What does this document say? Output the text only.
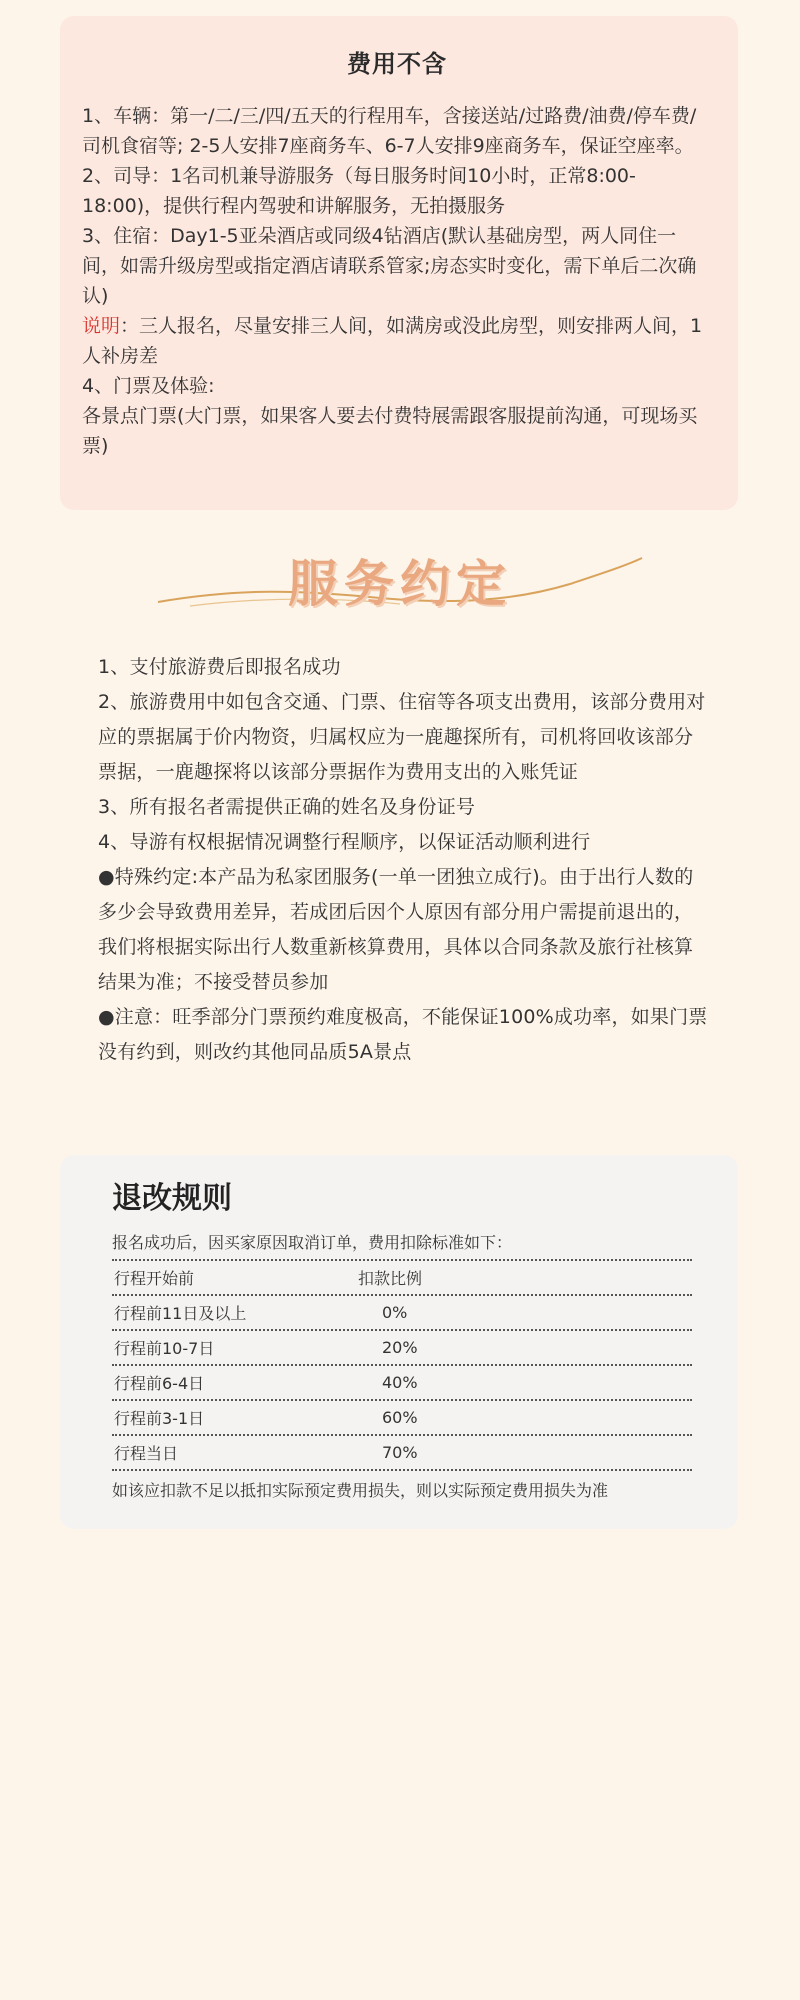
费用不含

1、车辆：第一/二/三/四/五天的行程用车，含接送站/过路费/油费/停车费/司机食宿等; 2-5人安排7座商务车、6-7人安排9座商务车，保证空座率。

2、司导：1名司机兼导游服务（每日服务时间10小时，正常8:00-18:00)，提供行程内驾驶和讲解服务，无拍摄服务

3、住宿：Day1-5亚朵酒店或同级4钻酒店(默认基础房型，两人同住一间，如需升级房型或指定酒店请联系管家;房态实时变化，需下单后二次确认)

说明：三人报名，尽量安排三人间，如满房或没此房型，则安排两人间，1人补房差

4、门票及体验:

各景点门票(大门票，如果客人要去付费特展需跟客服提前沟通，可现场买票)

服务约定

1、支付旅游费后即报名成功

2、旅游费用中如包含交通、门票、住宿等各项支出费用，该部分费用对应的票据属于价内物资，归属权应为一鹿趣探所有，司机将回收该部分票据，一鹿趣探将以该部分票据作为费用支出的入账凭证

3、所有报名者需提供正确的姓名及身份证号

4、导游有权根据情况调整行程顺序，以保证活动顺利进行

●特殊约定:本产品为私家团服务(一单一团独立成行)。由于出行人数的多少会导致费用差异，若成团后因个人原因有部分用户需提前退出的，我们将根据实际出行人数重新核算费用，具体以合同条款及旅行社核算结果为准；不接受替员参加

●注意：旺季部分门票预约难度极高，不能保证100%成功率，如果门票没有约到，则改约其他同品质5A景点

退改规则

报名成功后，因买家原因取消订单，费用扣除标准如下：

行程开始前	扣款比例
行程前11日及以上	0%
行程前10-7日	20%
行程前6-4日	40%
行程前3-1日	60%
行程当日	70%

如该应扣款不足以抵扣实际预定费用损失，则以实际预定费用损失为准
